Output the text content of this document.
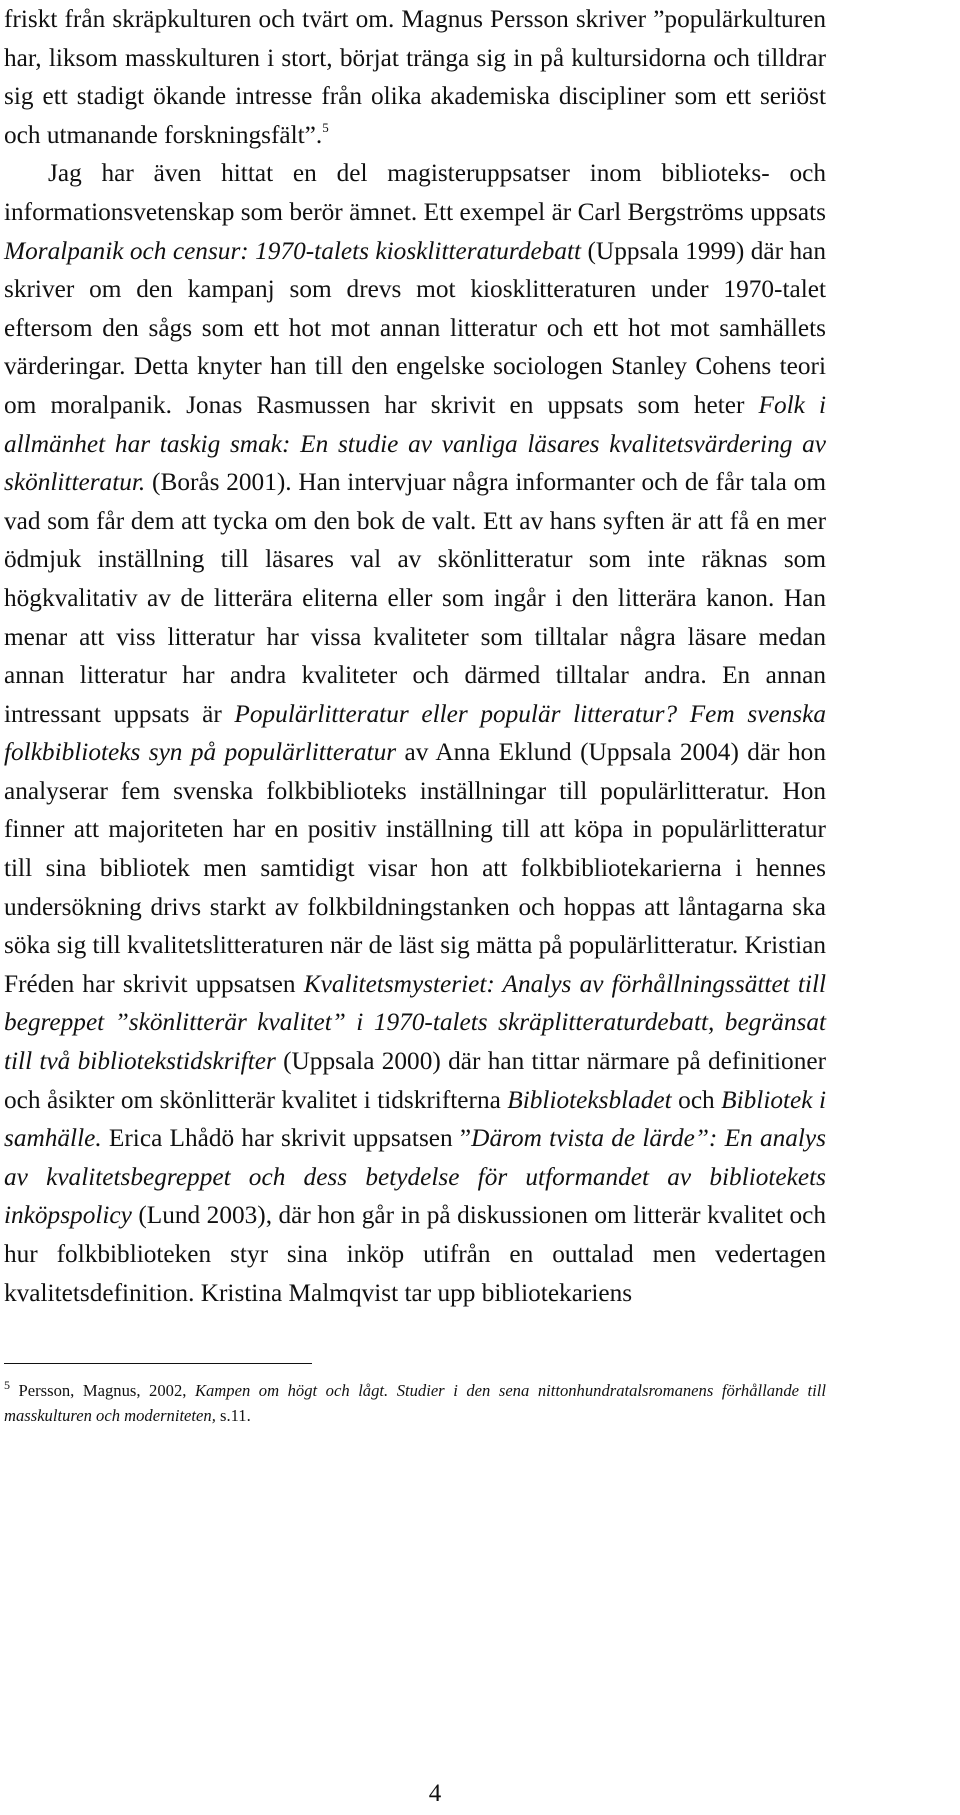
friskt från skräpkulturen och tvärt om. Magnus Persson skriver ”populärkulturen har, liksom masskulturen i stort, börjat tränga sig in på kultursidorna och tilldrar sig ett stadigt ökande intresse från olika akademiska discipliner som ett seriöst och utmanande forskningsfält”.$^5$

Jag har även hittat en del magisteruppsatser inom biblioteks- och informationsvetenskap som berör ämnet. Ett exempel är Carl Bergströms uppsats Moralpanik och censur: 1970-talets kiosklitteraturdebatt (Uppsala 1999) där han skriver om den kampanj som drevs mot kiosklitteraturen under 1970-talet eftersom den sågs som ett hot mot annan litteratur och ett hot mot samhällets värderingar. Detta knyter han till den engelske sociologen Stanley Cohens teori om moralpanik. Jonas Rasmussen har skrivit en uppsats som heter Folk i allmänhet har taskig smak: En studie av vanliga läsares kvalitetsvärdering av skönlitteratur. (Borås 2001). Han intervjuar några informanter och de får tala om vad som får dem att tycka om den bok de valt. Ett av hans syften är att få en mer ödmjuk inställning till läsares val av skönlitteratur som inte räknas som högkvalitativ av de litterära eliterna eller som ingår i den litterära kanon. Han menar att viss litteratur har vissa kvaliteter som tilltalar några läsare medan annan litteratur har andra kvaliteter och därmed tilltalar andra. En annan intressant uppsats är Populärlitteratur eller populär litteratur? Fem svenska folkbiblioteks syn på populärlitteratur av Anna Eklund (Uppsala 2004) där hon analyserar fem svenska folkbiblioteks inställningar till populärlitteratur. Hon finner att majoriteten har en positiv inställning till att köpa in populärlitteratur till sina bibliotek men samtidigt visar hon att folkbibliotekarierna i hennes undersökning drivs starkt av folkbildningstanken och hoppas att låntagarna ska söka sig till kvalitetslitteraturen när de läst sig mätta på populärlitteratur. Kristian Fréden har skrivit uppsatsen Kvalitetsmysteriet: Analys av förhållningssättet till begreppet ”skönlitterär kvalitet” i 1970-talets skräplitteraturdebatt, begränsat till två bibliotekstidskrifter (Uppsala 2000) där han tittar närmare på definitioner och åsikter om skönlitterär kvalitet i tidskrifterna Biblioteksbladet och Bibliotek i samhälle. Erica Lhådö har skrivit uppsatsen ”Därom tvista de lärde”: En analys av kvalitetsbegreppet och dess betydelse för utformandet av bibliotekets inköpspolicy (Lund 2003), där hon går in på diskussionen om litterär kvalitet och hur folkbiblioteken styr sina inköp utifrån en outtalad men vedertagen kvalitetsdefinition. Kristina Malmqvist tar upp bibliotekariens

$^5$ Persson, Magnus, 2002, Kampen om högt och lågt. Studier i den sena nittonhundratalsromanens förhållande till masskulturen och moderniteten, s.11.
4
